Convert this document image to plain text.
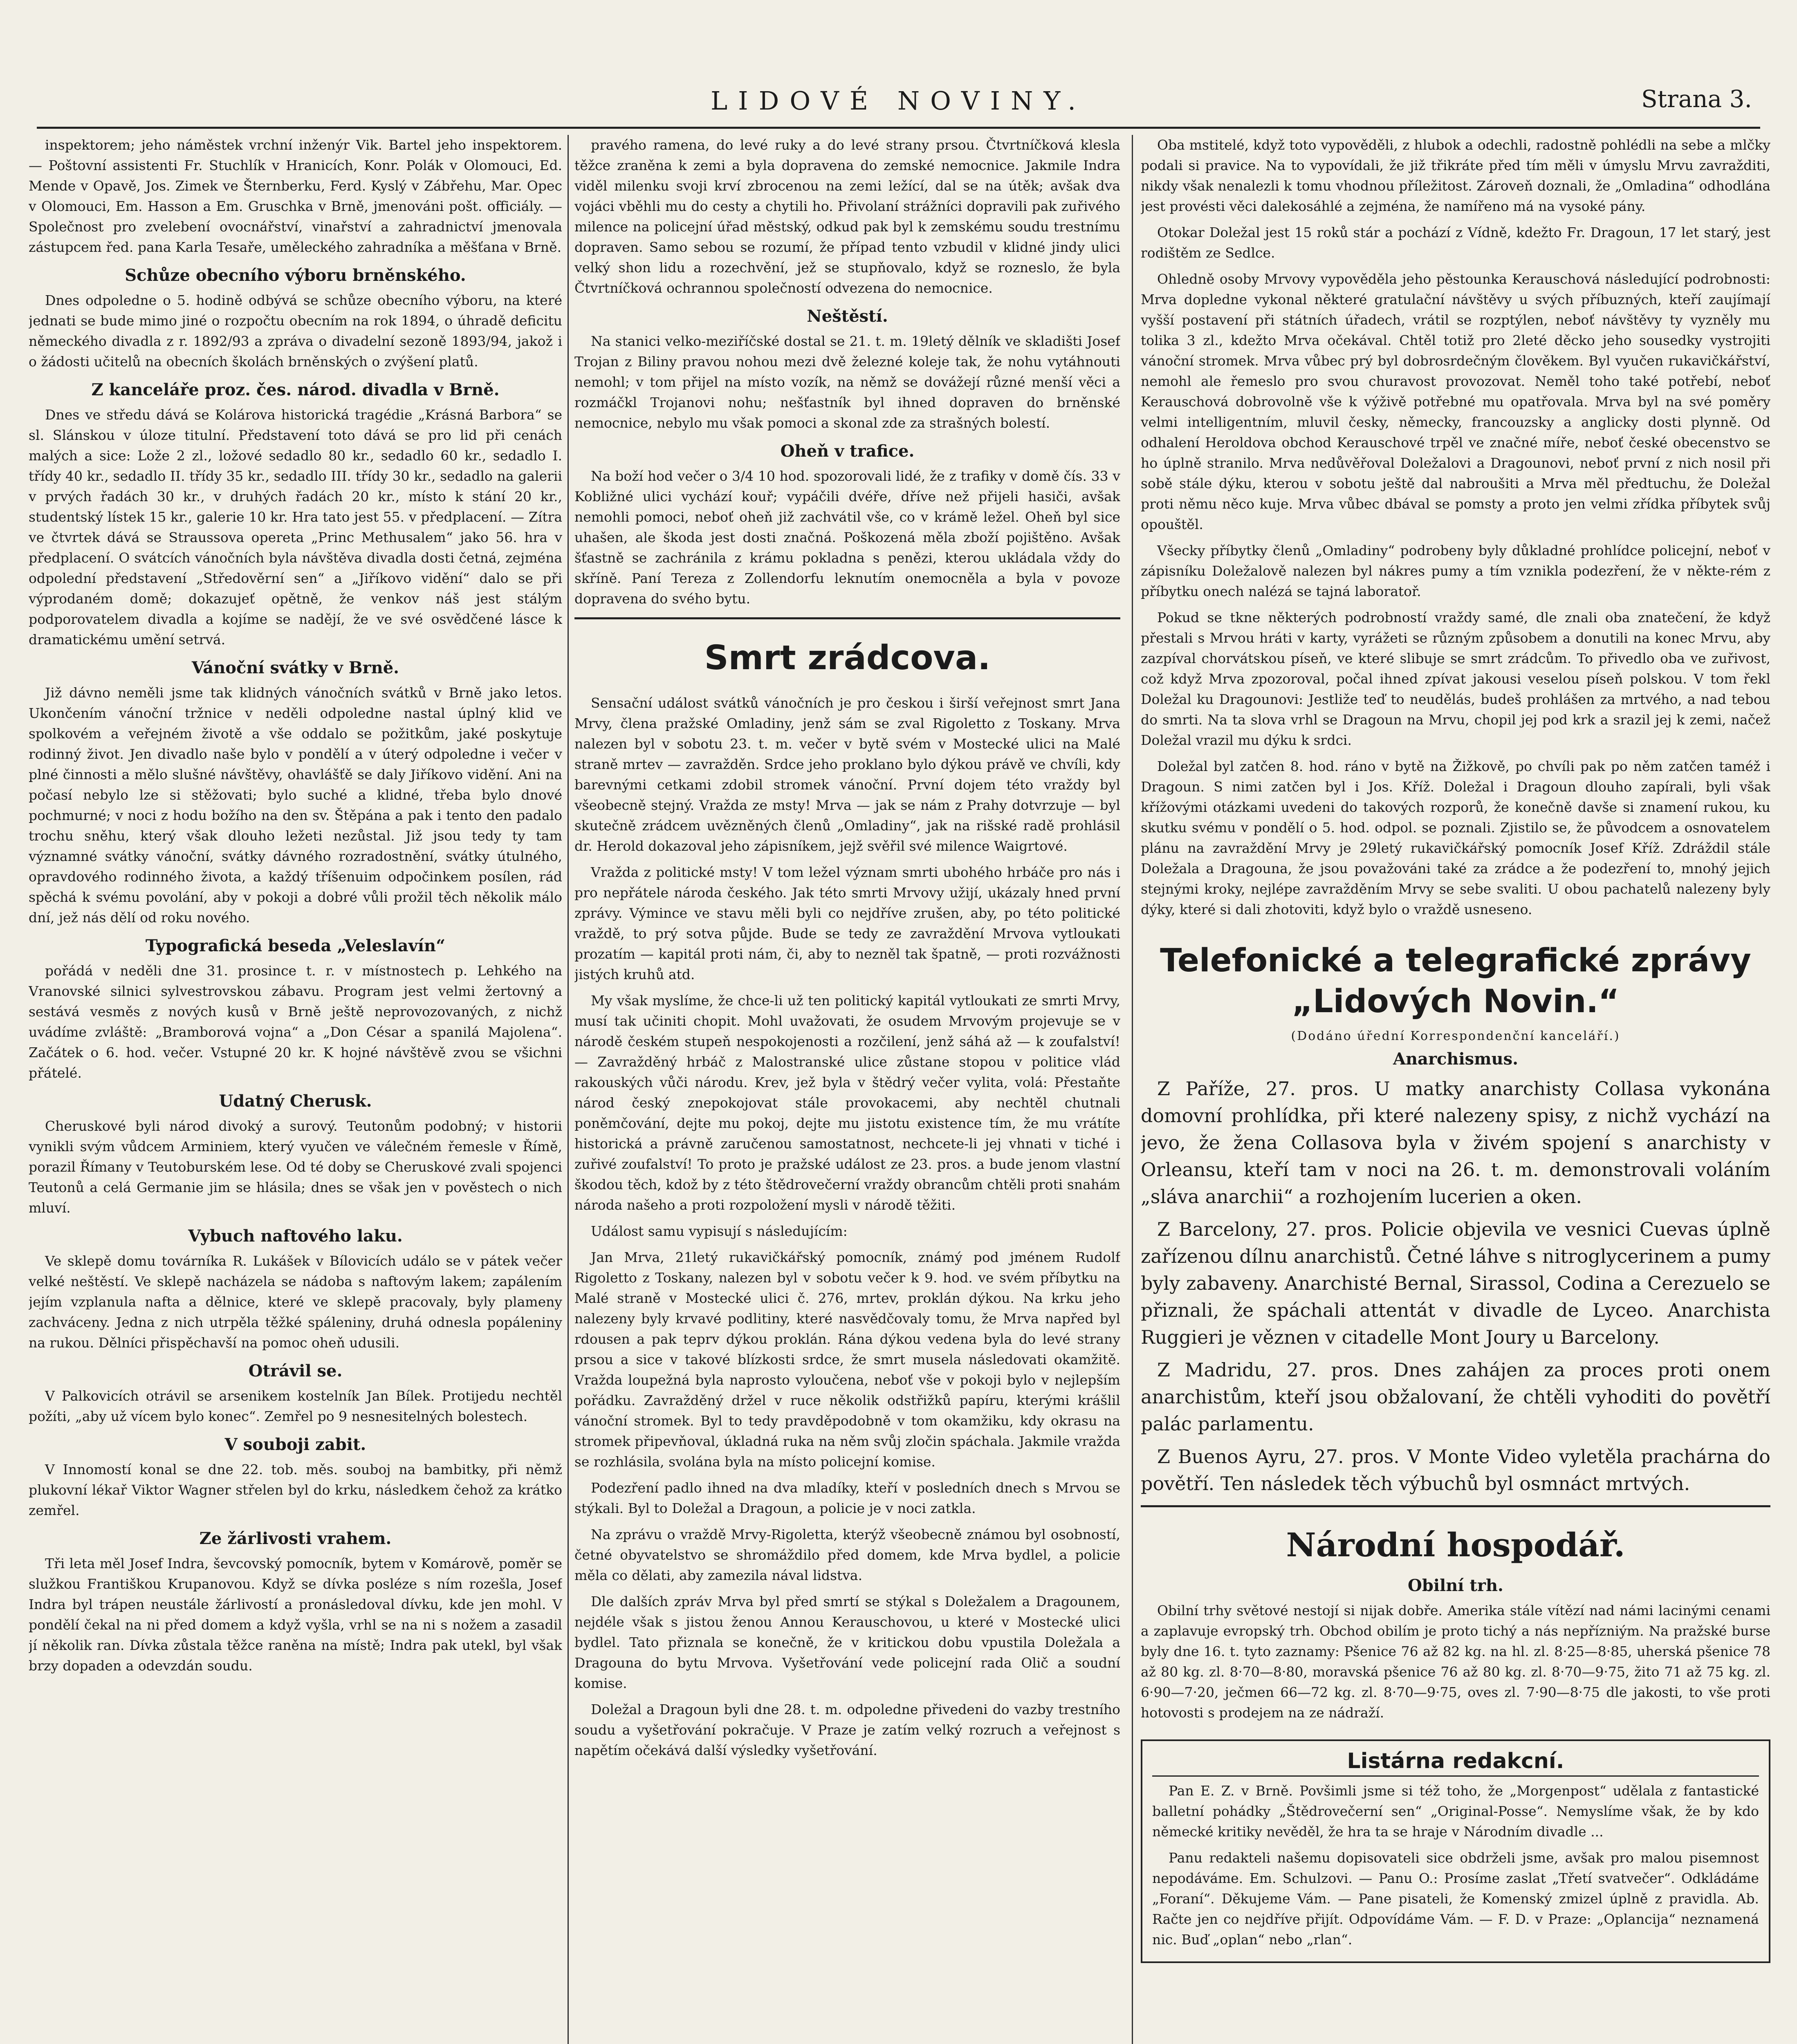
LIDOVÉ NOVINY.	Strana 3.

inspektorem; jeho náměstek vrchní inženýr Vik. Bartel jeho inspektorem. — Poštovní assistenti Fr. Stuchlík v Hranicích, Konr. Polák v Olomouci, Ed. Mende v Opavě, Jos. Zimek ve Šternberku, Ferd. Kyslý v Zábřehu, Mar. Opec v Olomouci, Em. Hasson a Em. Gruschka v Brně, jmenováni pošt. officiály. — Společnost pro zvelebení ovocnářství, vinařství a zahradnictví jmenovala zástupcem řed. pana Karla Tesaře, uměleckého zahradníka a měšťana v Brně.

Schůze obecního výboru brněnského.

Dnes odpoledne o 5. hodině odbývá se schůze obecního výboru, na které jednati se bude mimo jiné o rozpočtu obecním na rok 1894, o úhradě deficitu německého divadla z r. 1892/93 a zpráva o divadelní sezoně 1893/94, jakož i o žádosti učitelů na obecních školách brněnských o zvýšení platů.

Z kanceláře proz. čes. národ. divadla v Brně.

Dnes ve středu dává se Kolárova historická tragédie „Krásná Barbora“ se sl. Slánskou v úloze titulní. Představení toto dává se pro lid při cenách malých a sice: Lože 2 zl., ložové sedadlo 80 kr., sedadlo 60 kr., sedadlo I. třídy 40 kr., sedadlo II. třídy 35 kr., sedadlo III. třídy 30 kr., sedadlo na galerii v prvých řadách 30 kr., v druhých řadách 20 kr., místo k stání 20 kr., studentský lístek 15 kr., galerie 10 kr. Hra tato jest 55. v předplacení. — Zítra ve čtvrtek dává se Straussova opereta „Princ Methusalem“ jako 56. hra v předplacení. O svátcích vánočních byla návštěva divadla dosti četná, zejména odpolední představení „Středověrní sen“ a „Jiříkovo vidění“ dalo se při výprodaném domě; dokazujeť opětně, že venkov náš jest stálým podporovatelem divadla a kojíme se nadějí, že ve své osvědčené lásce k dramatickému umění setrvá.

Vánoční svátky v Brně.

Již dávno neměli jsme tak klidných vánočních svátků v Brně jako letos. Ukončením vánoční tržnice v neděli odpoledne nastal úplný klid ve spolkovém a veřejném životě a vše oddalo se požitkům, jaké poskytuje rodinný život. Jen divadlo naše bylo v pondělí a v úterý odpoledne i večer v plné činnosti a mělo slušné návštěvy, ohavlášťě se daly Jiříkovo vidění. Ani na počasí nebylo lze si stěžovati; bylo suché a klidné, třeba bylo dnové pochmurné; v noci z hodu božího na den sv. Štěpána a pak i tento den padalo trochu sněhu, který však dlouho ležeti nezůstal. Již jsou tedy ty tam významné svátky vánoční, svátky dávného rozradostnění, svátky útulného, opravdového rodinného života, a každý tříšenuim odpočinkem posílen, rád spěchá k svému povolání, aby v pokoji a dobré vůli prožil těch několik málo dní, jež nás dělí od roku nového.

Typografická beseda „Veleslavín“

pořádá v neděli dne 31. prosince t. r. v místnostech p. Lehkého na Vranovské silnici sylvestrovskou zábavu. Program jest velmi žertovný a sestává vesměs z nových kusů v Brně ještě neprovozovaných, z nichž uvádíme zvláště: „Bramborová vojna“ a „Don César a spanilá Majolena“. Začátek o 6. hod. večer. Vstupné 20 kr. K hojné návštěvě zvou se všichni přátelé.

Udatný Cherusk.

Cheruskové byli národ divoký a surový. Teutonům podobný; v historii vynikli svým vůdcem Arminiem, který vyučen ve válečném řemesle v Římě, porazil Římany v Teutoburském lese. Od té doby se Cheruskové zvali spojenci Teutonů a celá Germanie jim se hlásila; dnes se však jen v pověstech o nich mluví.

Vybuch naftového laku.

Ve sklepě domu továrníka R. Lukášek v Bílovicích událo se v pátek večer velké neštěstí. Ve sklepě nacházela se nádoba s naftovým lakem; zapálením jejím vzplanula nafta a dělnice, které ve sklepě pracovaly, byly plameny zachváceny. Jedna z nich utrpěla těžké spáleniny, druhá odnesla popáleniny na rukou. Dělníci přispěchavší na pomoc oheň udusili.

Otrávil se.

V Palkovicích otrávil se arsenikem kostelník Jan Bílek. Protijedu nechtěl požíti, „aby už vícem bylo konec“. Zemřel po 9 nesnesitelných bolestech.

V souboji zabit.

V Innomostí konal se dne 22. tob. měs. souboj na bambitky, při němž plukovní lékař Viktor Wagner střelen byl do krku, následkem čehož za krátko zemřel.

Ze žárlivosti vrahem.

Tři leta měl Josef Indra, ševcovský pomocník, bytem v Komárově, poměr se služkou Františkou Krupanovou. Když se dívka posléze s ním rozešla, Josef Indra byl trápen neustále žárlivostí a pronásledoval dívku, kde jen mohl. V pondělí čekal na ni před domem a když vyšla, vrhl se na ni s nožem a zasadil jí několik ran. Dívka zůstala těžce raněna na místě; Indra pak utekl, byl však brzy dopaden a odevzdán soudu.

pravého ramena, do levé ruky a do levé strany prsou. Čtvrtníčková klesla těžce zraněna k zemi a byla dopravena do zemské nemocnice. Jakmile Indra viděl milenku svoji krví zbrocenou na zemi ležící, dal se na útěk; avšak dva vojáci vběhli mu do cesty a chytili ho. Přivolaní strážníci dopravili pak zuřivého milence na policejní úřad městský, odkud pak byl k zemskému soudu trestnímu dopraven. Samo sebou se rozumí, že případ tento vzbudil v klidné jindy ulici velký shon lidu a rozechvění, jež se stupňovalo, když se rozneslo, že byla Čtvrtníčková ochrannou společností odvezena do nemocnice.

Neštěstí.

Na stanici velko-meziříčské dostal se 21. t. m. 19letý dělník ve skladišti Josef Trojan z Biliny pravou nohou mezi dvě železné koleje tak, že nohu vytáhnouti nemohl; v tom přijel na místo vozík, na němž se dovážejí různé menší věci a rozmáčkl Trojanovi nohu; nešťastník byl ihned dopraven do brněnské nemocnice, nebylo mu však pomoci a skonal zde za strašných bolestí.

Oheň v trafice.

Na boží hod večer o 3/4 10 hod. spozorovali lidé, že z trafiky v domě čís. 33 v Kobližné ulici vychází kouř; vypáčili dvéře, dříve než přijeli hasiči, avšak nemohli pomoci, neboť oheň již zachvátil vše, co v krámě ležel. Oheň byl sice uhašen, ale škoda jest dosti značná. Poškozená měla zboží pojištěno. Avšak šťastně se zachránila z krámu pokladna s penězi, kterou ukládala vždy do skříně. Paní Tereza z Zollendorfu leknutím onemocněla a byla v povoze dopravena do svého bytu.

Smrt zrádcova.

Sensační událost svátků vánočních je pro českou i širší veřejnost smrt Jana Mrvy, člena pražské Omladiny, jenž sám se zval Rigoletto z Toskany. Mrva nalezen byl v sobotu 23. t. m. večer v bytě svém v Mostecké ulici na Malé straně mrtev — zavražděn. Srdce jeho proklano bylo dýkou právě ve chvíli, kdy barevnými cetkami zdobil stromek vánoční. První dojem této vraždy byl všeobecně stejný. Vražda ze msty! Mrva — jak se nám z Prahy dotvrzuje — byl skutečně zrádcem uvězněných členů „Omladiny“, jak na rišské radě prohlásil dr. Herold dokazoval jeho zápisníkem, jejž svěřil své milence Waigrtové.

Vražda z politické msty! V tom ležel význam smrti ubohého hrbáče pro nás i pro nepřátele národa českého. Jak této smrti Mrvovy užijí, ukázaly hned první zprávy. Výmince ve stavu měli byli co nejdříve zrušen, aby, po této politické vraždě, to prý sotva půjde. Bude se tedy ze zavraždění Mrvova vytloukati prozatím — kapitál proti nám, či, aby to nezněl tak špatně, — proti rozvážnosti jistých kruhů atd.

My však myslíme, že chce-li už ten politický kapitál vytloukati ze smrti Mrvy, musí tak učiniti chopit. Mohl uvažovati, že osudem Mrvovým projevuje se v národě českém stupeň nespokojenosti a rozčilení, jenž sáhá až — k zoufalství! — Zavražděný hrbáč z Malostranské ulice zůstane stopou v politice vlád rakouských vůči národu. Krev, jež byla v štědrý večer vylita, volá: Přestaňte národ český znepokojovat stále provokacemi, aby nechtěl chutnali poněmčování, dejte mu pokoj, dejte mu jistotu existence tím, že mu vrátíte historická a právně zaručenou samostatnost, nechcete-li jej vhnati v tiché i zuřivé zoufalství! To proto je pražské událost ze 23. pros. a bude jenom vlastní škodou těch, kdož by z této štědrovečerní vraždy obrancům chtěli proti snahám národa našeho a proti rozpoložení mysli v národě těžiti.

Událost samu vypisují s následujícím:

Jan Mrva, 21letý rukavičkářský pomocník, známý pod jménem Rudolf Rigoletto z Toskany, nalezen byl v sobotu večer k 9. hod. ve svém příbytku na Malé straně v Mostecké ulici č. 276, mrtev, proklán dýkou. Na krku jeho nalezeny byly krvavé podlitiny, které nasvědčovaly tomu, že Mrva napřed byl rdousen a pak teprv dýkou proklán. Rána dýkou vedena byla do levé strany prsou a sice v takové blízkosti srdce, že smrt musela následovati okamžitě. Vražda loupežná byla naprosto vyloučena, neboť vše v pokoji bylo v nejlepším pořádku. Zavražděný držel v ruce několik odstřižků papíru, kterými krášlil vánoční stromek. Byl to tedy pravděpodobně v tom okamžiku, kdy okrasu na stromek připevňoval, úkladná ruka na něm svůj zločin spáchala. Jakmile vražda se rozhlásila, svolána byla na místo policejní komise.

Podezření padlo ihned na dva mladíky, kteří v posledních dnech s Mrvou se stýkali. Byl to Doležal a Dragoun, a policie je v noci zatkla.

Na zprávu o vraždě Mrvy-Rigoletta, kterýž všeobecně známou byl osobností, četné obyvatelstvo se shromáždilo před domem, kde Mrva bydlel, a policie měla co dělati, aby zamezila nával lidstva.

Dle dalších zpráv Mrva byl před smrtí se stýkal s Doležalem a Dragounem, nejdéle však s jistou ženou Annou Kerauschovou, u které v Mostecké ulici bydlel. Tato přiznala se konečně, že v kritickou dobu vpustila Doležala a Dragouna do bytu Mrvova. Vyšetřování vede policejní rada Olič a soudní komise.

Doležal a Dragoun byli dne 28. t. m. odpoledne přivedeni do vazby trestního soudu a vyšetřování pokračuje. V Praze je zatím velký rozruch a veřejnost s napětím očekává další výsledky vyšetřování.

Oba mstitelé, když toto vypověděli, z hlubok a odechli, radostně pohlédli na sebe a mlčky podali si pravice. Na to vypovídali, že již třikráte před tím měli v úmyslu Mrvu zavražditi, nikdy však nenalezli k tomu vhodnou příležitost. Zároveň doznali, že „Omladina“ odhodlána jest provésti věci dalekosáhlé a zejména, že namířeno má na vysoké pány.

Otokar Doležal jest 15 roků stár a pochází z Vídně, kdežto Fr. Dragoun, 17 let starý, jest rodištěm ze Sedlce.

Ohledně osoby Mrvovy vypověděla jeho pěstounka Kerauschová následující podrobnosti: Mrva dopledne vykonal některé gratulační návštěvy u svých příbuzných, kteří zaujímají vyšší postavení při státních úřadech, vrátil se rozptýlen, neboť návštěvy ty vyzněly mu tolika 3 zl., kdežto Mrva očekával. Chtěl totiž pro 2leté děcko jeho sousedky vystrojiti vánoční stromek. Mrva vůbec prý byl dobrosrdečným člověkem. Byl vyučen rukavičkářství, nemohl ale řemeslo pro svou churavost provozovat. Neměl toho také potřebí, neboť Kerauschová dobrovolně vše k výživě potřebné mu opatřovala. Mrva byl na své poměry velmi intelligentním, mluvil česky, německy, francouzsky a anglicky dosti plynně. Od odhalení Heroldova obchod Kerauschové trpěl ve značné míře, neboť české obecenstvo se ho úplně stranilo. Mrva nedůvěřoval Doležalovi a Dragounovi, neboť první z nich nosil při sobě stále dýku, kterou v sobotu ještě dal nabroušiti a Mrva měl předtuchu, že Doležal proti němu něco kuje. Mrva vůbec dbával se pomsty a proto jen velmi zřídka příbytek svůj opouštěl.

Všecky příbytky členů „Omladiny“ podrobeny byly důkladné prohlídce policejní, neboť v zápisníku Doležalově nalezen byl nákres pumy a tím vznikla podezření, že v někte-rém z příbytku onech nalézá se tajná laboratoř.

Pokud se tkne některých podrobností vraždy samé, dle znali oba znatečení, že když přestali s Mrvou hráti v karty, vyrážeti se různým způsobem a donutili na konec Mrvu, aby zazpíval chorvátskou píseň, ve které slibuje se smrt zrádcům. To přivedlo oba ve zuřivost, což když Mrva zpozoroval, počal ihned zpívat jakousi veselou píseň polskou. V tom řekl Doležal ku Dragounovi: Jestliže teď to neudělás, budeš prohlášen za mrtvého, a nad tebou do smrti. Na ta slova vrhl se Dragoun na Mrvu, chopil jej pod krk a srazil jej k zemi, načež Doležal vrazil mu dýku k srdci.

Doležal byl zatčen 8. hod. ráno v bytě na Žižkově, po chvíli pak po něm zatčen taméž i Dragoun. S nimi zatčen byl i Jos. Kříž. Doležal i Dragoun dlouho zapírali, byli však křížovými otázkami uvedeni do takových rozporů, že konečně davše si znamení rukou, ku skutku svému v pondělí o 5. hod. odpol. se poznali. Zjistilo se, že původcem a osnovatelem plánu na zavraždění Mrvy je 29letý rukavičkářský pomocník Josef Kříž. Zdráždil stále Doležala a Dragouna, že jsou považováni také za zrádce a že podezření to, mnohý jejich stejnými kroky, nejlépe zavražděním Mrvy se sebe svaliti. U obou pachatelů nalezeny byly dýky, které si dali zhotoviti, když bylo o vraždě usneseno.

Telefonické a telegrafické zprávy „Lidových Novin.“
(Dodáno úřední Korrespondenční kanceláří.)
Anarchismus.

Z Paříže, 27. pros. U matky anarchisty Collasa vykonána domovní prohlídka, při které nalezeny spisy, z nichž vychází na jevo, že žena Collasova byla v živém spojení s anarchisty v Orleansu, kteří tam v noci na 26. t. m. demonstrovali voláním „sláva anarchii“ a rozhojením lucerien a oken.

Z Barcelony, 27. pros. Policie objevila ve vesnici Cuevas úplně zařízenou dílnu anarchistů. Četné láhve s nitroglycerinem a pumy byly zabaveny. Anarchisté Bernal, Sirassol, Codina a Cerezuelo se přiznali, že spáchali attentát v divadle de Lyceo. Anarchista Ruggieri je věznen v citadelle Mont Joury u Barcelony.

Z Madridu, 27. pros. Dnes zahájen za proces proti onem anarchistům, kteří jsou obžalovaní, že chtěli vyhoditi do povětří palác parlamentu.

Z Buenos Ayru, 27. pros. V Monte Video vyletěla prachárna do povětří. Ten následek těch výbuchů byl osmnáct mrtvých.

Národní hospodář.
Obilní trh.

Obilní trhy světové nestojí si nijak dobře. Amerika stále vítězí nad námi lacinými cenami a zaplavuje evropský trh. Obchod obilím je proto tichý a nás nepřízniým. Na pražské burse byly dne 16. t. tyto zaznamy: Pšenice 76 až 82 kg. na hl. zl. 8·25—8·85, uherská pšenice 78 až 80 kg. zl. 8·70—8·80, moravská pšenice 76 až 80 kg. zl. 8·70—9·75, žito 71 až 75 kg. zl. 6·90—7·20, ječmen 66—72 kg. zl. 8·70—9·75, oves zl. 7·90—8·75 dle jakosti, to vše proti hotovosti s prodejem na ze nádraží.

Listárna redakcní.

Pan E. Z. v Brně. Povšimli jsme si též toho, že „Morgenpost“ udělala z fantastické balletní pohádky „Štědrovečerní sen“ „Original-Posse“. Nemyslíme však, že by kdo německé kritiky nevěděl, že hra ta se hraje v Národním divadle ...

Panu redakteli našemu dopisovateli sice obdrželi jsme, avšak pro malou pisemnost nepodáváme. Em. Schulzovi. — Panu O.: Prosíme zaslat „Třetí svatvečer“. Odkládáme „Foraní“. Děkujeme Vám. — Pane pisateli, že Komenský zmizel úplně z pravidla. Ab. Račte jen co nejdříve přijít. Odpovídáme Vám. — F. D. v Praze: „Oplancija“ neznamená nic. Buď „oplan“ nebo „rlan“.
